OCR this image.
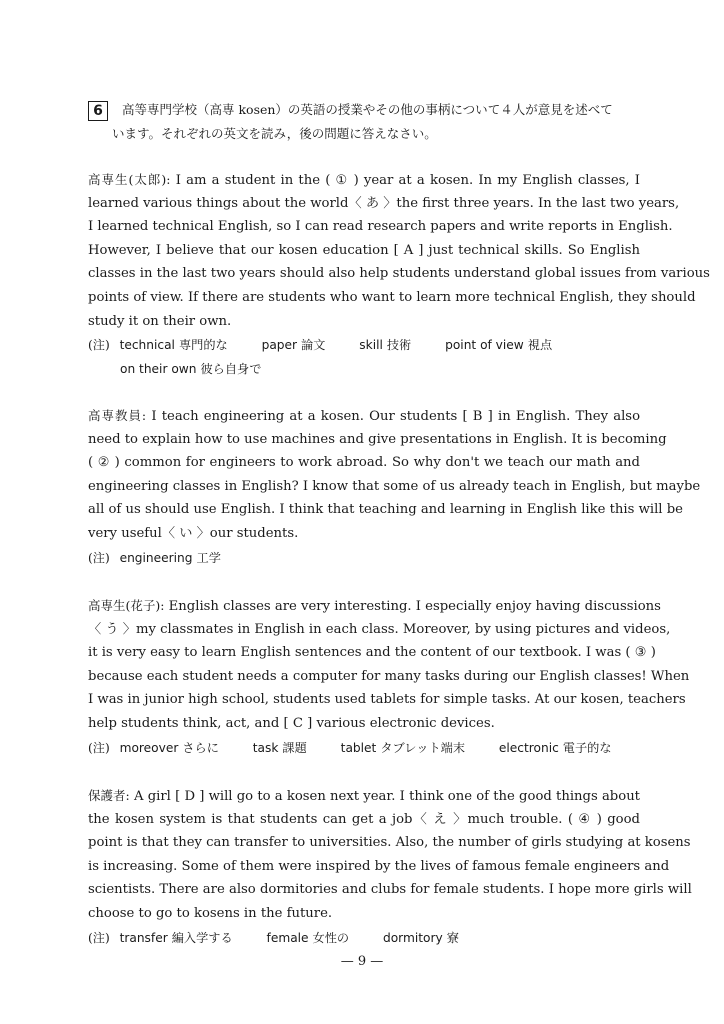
6 高等専門学校（高専 kosen）の英語の授業やその他の事柄について４人が意見を述べて
います。それぞれの英文を読み，後の問題に答えなさい。
高専生(太郎): I am a student in the ( ① ) year at a kosen. In my English classes, I
learned various things about the world〈 あ 〉the first three years. In the last two years,
I learned technical English, so I can read research papers and write reports in English.
However, I believe that our kosen education [ A ] just technical skills. So English
classes in the last two years should also help students understand global issues from various
points of view. If there are students who want to learn more technical English, they should
study it on their own.
(注) technical 専門的な	paper 論文	skill 技術	point of view 視点
on their own 彼ら自身で
高専教員: I teach engineering at a kosen. Our students [ B ] in English. They also
need to explain how to use machines and give presentations in English. It is becoming
( ② ) common for engineers to work abroad. So why don't we teach our math and
engineering classes in English? I know that some of us already teach in English, but maybe
all of us should use English. I think that teaching and learning in English like this will be
very useful〈 い 〉our students.
(注) engineering 工学
高専生(花子): English classes are very interesting. I especially enjoy having discussions
〈 う 〉my classmates in English in each class. Moreover, by using pictures and videos,
it is very easy to learn English sentences and the content of our textbook. I was ( ③ )
because each student needs a computer for many tasks during our English classes! When
I was in junior high school, students used tablets for simple tasks. At our kosen, teachers
help students think, act, and [ C ] various electronic devices.
(注) moreover さらに	task 課題	tablet タブレット端末	electronic 電子的な
保護者: A girl [ D ] will go to a kosen next year. I think one of the good things about
the kosen system is that students can get a job〈 え 〉much trouble. ( ④ ) good
point is that they can transfer to universities. Also, the number of girls studying at kosens
is increasing. Some of them were inspired by the lives of famous female engineers and
scientists. There are also dormitories and clubs for female students. I hope more girls will
choose to go to kosens in the future.
(注) transfer 編入学する	female 女性の	dormitory 寮
— 9 —
